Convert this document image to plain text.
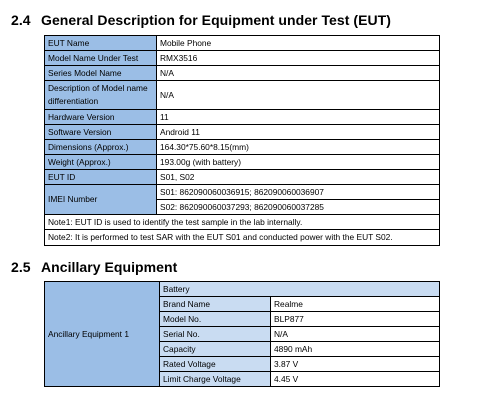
2.4 General Description for Equipment under Test (EUT)
EUT Name	Mobile Phone
Model Name Under Test	RMX3516
Series Model Name	N/A
Description of Model name differentiation	N/A
Hardware Version	11
Software Version	Android 11
Dimensions (Approx.)	164.30*75.60*8.15(mm)
Weight (Approx.)	193.00g (with battery)
EUT ID	S01, S02
IMEI Number	S01: 862090060036915; 862090060036907
	S02: 862090060037293; 862090060037285
Note1: EUT ID is used to identify the test sample in the lab internally.	
Note2: It is performed to test SAR with the EUT S01 and conducted power with the EUT S02.	
2.5 Ancillary Equipment
Ancillary Equipment 1	Battery	
	Brand Name	Realme
	Model No.	BLP877
	Serial No.	N/A
	Capacity	4890 mAh
	Rated Voltage	3.87 V
	Limit Charge Voltage	4.45 V
